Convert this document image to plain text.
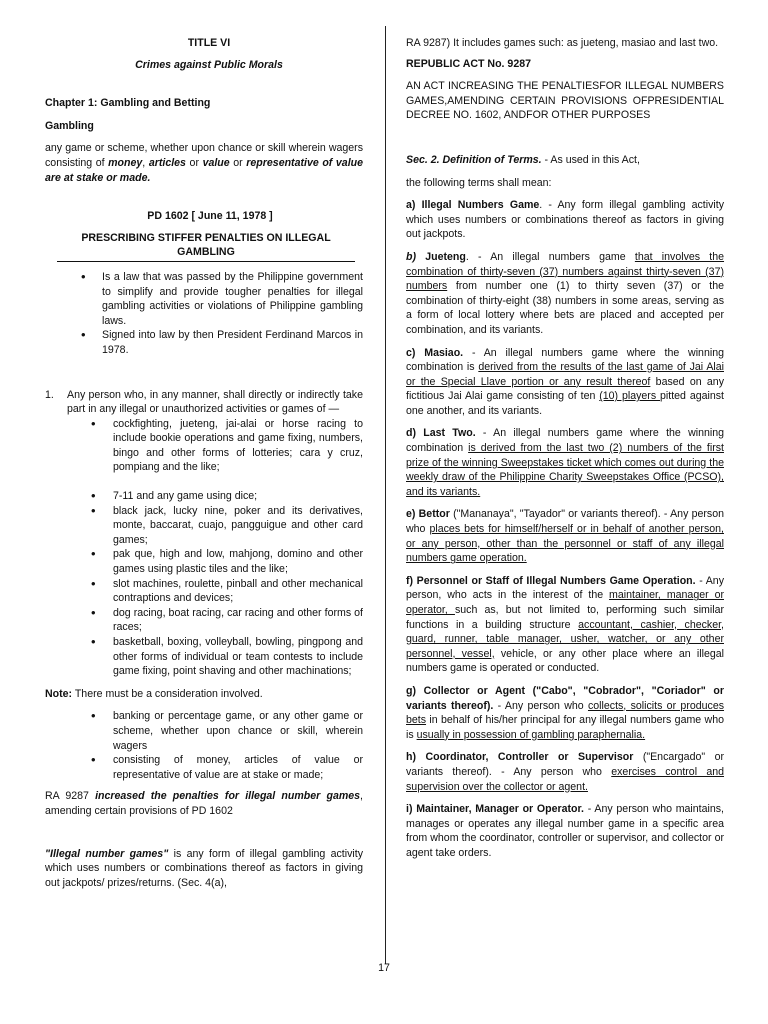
TITLE VI

Crimes against Public Morals

Chapter 1: Gambling and Betting

Gambling

any game or scheme, whether upon chance or skill wherein wagers consisting of money, articles or value or representative of value are at stake or made.

PD 1602 [ June 11, 1978 ]

PRESCRIBING STIFFER PENALTIES ON ILLEGAL GAMBLING

• Is a law that was passed by the Philippine government to simplify and provide tougher penalties for illegal gambling activities or violations of Philippine gambling laws.
• Signed into law by then President Ferdinand Marcos in 1978.
1. Any person who, in any manner, shall directly or indirectly take part in any illegal or unauthorized activities or games of —
• cockfighting, jueteng, jai-alai or horse racing to include bookie operations and game fixing, numbers, bingo and other forms of lotteries; cara y cruz, pompiang and the like;
• 7-11 and any game using dice;
• black jack, lucky nine, poker and its derivatives, monte, baccarat, cuajo, pangguigue and other card games;
• pak que, high and low, mahjong, domino and other games using plastic tiles and the like;
• slot machines, roulette, pinball and other mechanical contraptions and devices;
• dog racing, boat racing, car racing and other forms of races;
• basketball, boxing, volleyball, bowling, pingpong and other forms of individual or team contests to include game fixing, point shaving and other machinations;

Note: There must be a consideration involved.

• banking or percentage game, or any other game or scheme, whether upon chance or skill, wherein wagers
• consisting of money, articles of value or representative of value are at stake or made;

RA 9287 increased the penalties for illegal number games, amending certain provisions of PD 1602

"Illegal number games" is any form of illegal gambling activity which uses numbers or combinations thereof as factors in giving out jackpots/ prizes/returns. (Sec. 4(a),

RA 9287) It includes games such: as jueteng, masiao and last two.

REPUBLIC ACT No. 9287

AN ACT INCREASING THE PENALTIESFOR ILLEGAL NUMBERS GAMES,AMENDING CERTAIN PROVISIONS OFPRESIDENTIAL DECREE NO. 1602, ANDFOR OTHER PURPOSES

Sec. 2. Definition of Terms. - As used in this Act,

the following terms shall mean:

a) Illegal Numbers Game. - Any form illegal gambling activity which uses numbers or combinations thereof as factors in giving out jackpots.

b) Jueteng. - An illegal numbers game that involves the combination of thirty-seven (37) numbers against thirty-seven (37) numbers from number one (1) to thirty seven (37) or the combination of thirty-eight (38) numbers in some areas, serving as a form of local lottery where bets are placed and accepted per combination, and its variants.

c) Masiao. - An illegal numbers game where the winning combination is derived from the results of the last game of Jai Alai or the Special Llave portion or any result thereof based on any fictitious Jai Alai game consisting of ten (10) players pitted against one another, and its variants.

d) Last Two. - An illegal numbers game where the winning combination is derived from the last two (2) numbers of the first prize of the winning Sweepstakes ticket which comes out during the weekly draw of the Philippine Charity Sweepstakes Office (PCSO), and its variants.

e) Bettor ("Mananaya", "Tayador" or variants thereof). - Any person who places bets for himself/herself or in behalf of another person, or any person, other than the personnel or staff of any illegal numbers game operation.

f) Personnel or Staff of Illegal Numbers Game Operation. - Any person, who acts in the interest of the maintainer, manager or operator, such as, but not limited to, performing such similar functions in a building structure accountant, cashier, checker, guard, runner, table manager, usher, watcher, or any other personnel, vessel, vehicle, or any other place where an illegal numbers game is operated or conducted.

g) Collector or Agent ("Cabo", "Cobrador", "Coriador" or variants thereof). - Any person who collects, solicits or produces bets in behalf of his/her principal for any illegal numbers game who is usually in possession of gambling paraphernalia.

h) Coordinator, Controller or Supervisor ("Encargado" or variants thereof). - Any person who exercises control and supervision over the collector or agent.

i) Maintainer, Manager or Operator. - Any person who maintains, manages or operates any illegal number game in a specific area from whom the coordinator, controller or supervisor, and collector or agent take orders.

17
